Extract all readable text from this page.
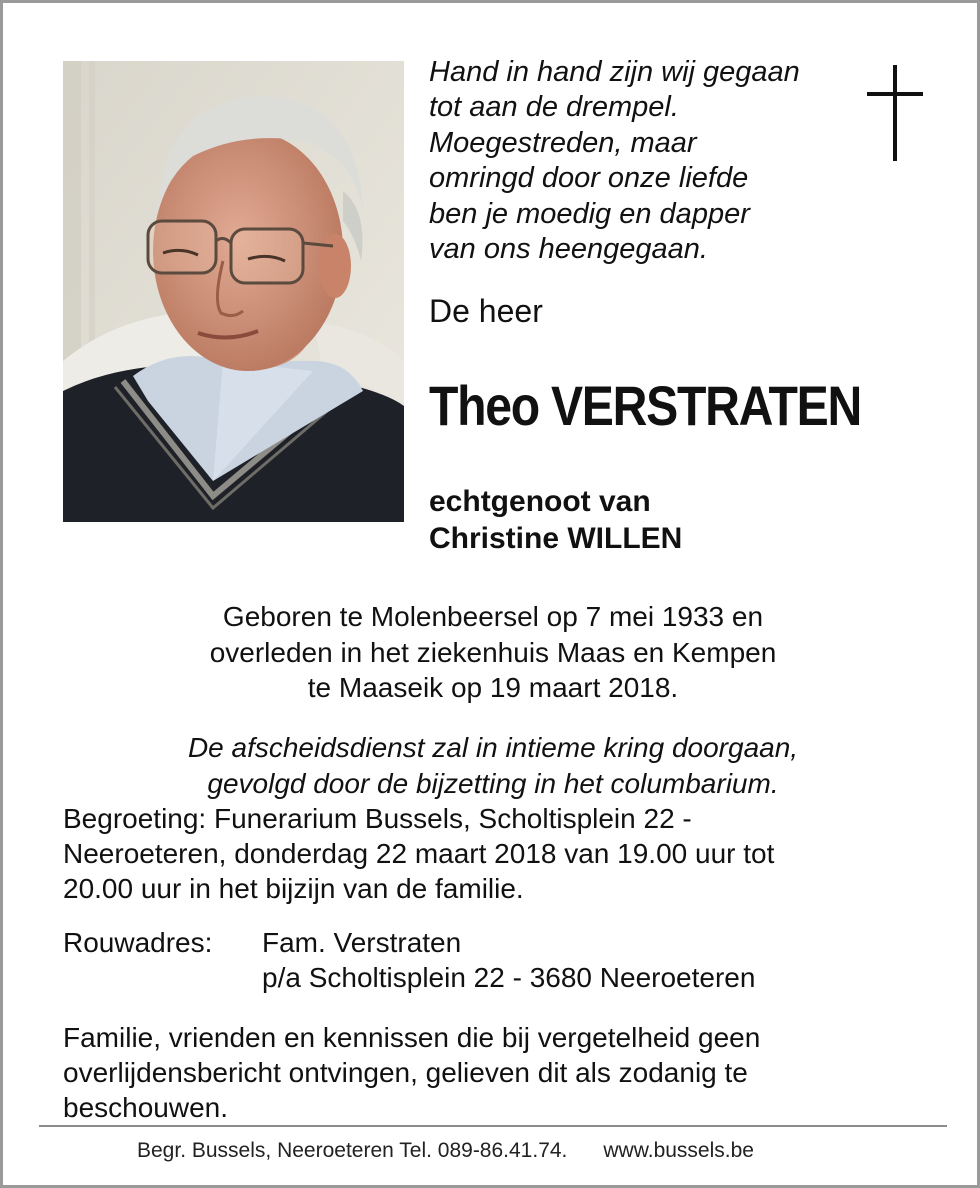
Hand in hand zijn wij gegaan
tot aan de drempel.
Moegestreden, maar
omringd door onze liefde
ben je moedig en dapper
van ons heengegaan.
De heer
Theo VERSTRATEN
echtgenoot van
Christine WILLEN
Geboren te Molenbeersel op 7 mei 1933 en
overleden in het ziekenhuis Maas en Kempen
te Maaseik op 19 maart 2018.
De afscheidsdienst zal in intieme kring doorgaan,
gevolgd door de bijzetting in het columbarium.
Begroeting: Funerarium Bussels, Scholtisplein 22 -
Neeroeteren, donderdag 22 maart 2018 van 19.00 uur tot
20.00 uur in het bijzijn van de familie.
Rouwadres: Fam. Verstraten
p/a Scholtisplein 22 - 3680 Neeroeteren
Familie, vrienden en kennissen die bij vergetelheid geen
overlijdensbericht ontvingen, gelieven dit als zodanig te
beschouwen.
Begr. Bussels, Neeroeteren Tel. 089-86.41.74. www.bussels.be
